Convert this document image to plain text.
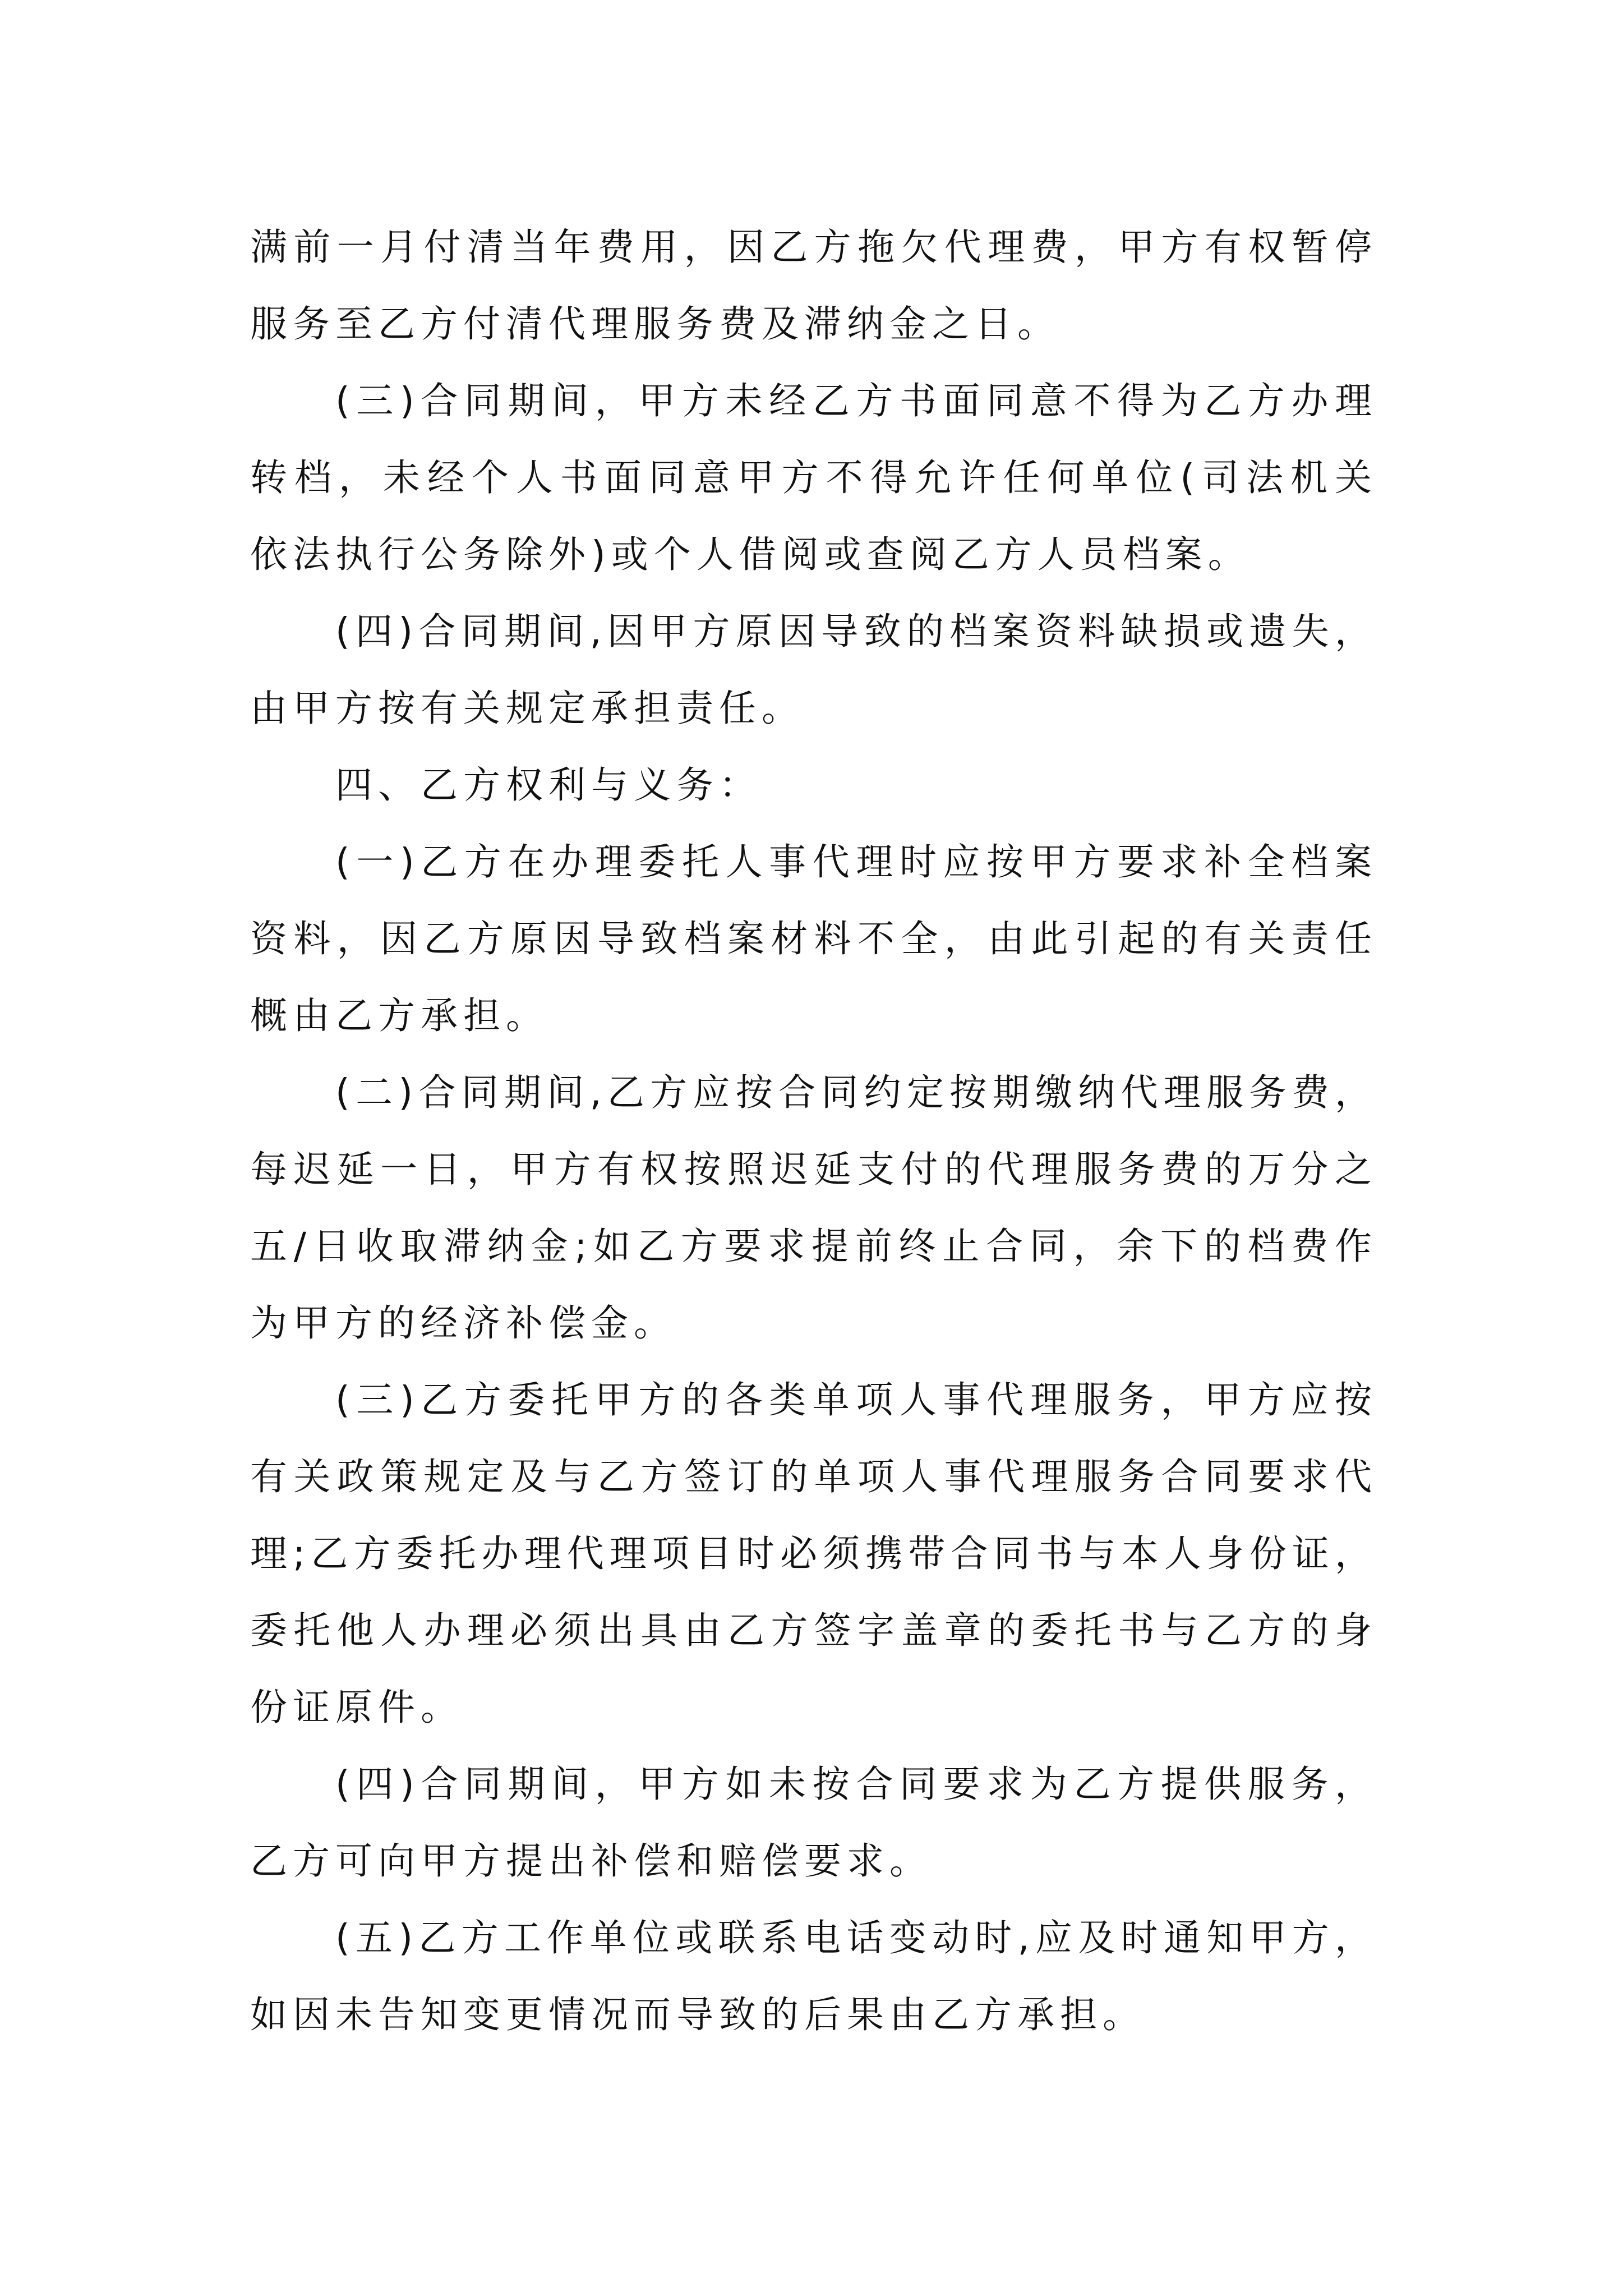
满前一月付清当年费用，因乙方拖欠代理费，甲方有权暂停服务至乙方付清代理服务费及滞纳金之日。

(三)合同期间，甲方未经乙方书面同意不得为乙方办理转档，未经个人书面同意甲方不得允许任何单位(司法机关依法执行公务除外)或个人借阅或查阅乙方人员档案。

(四)合同期间,因甲方原因导致的档案资料缺损或遗失，由甲方按有关规定承担责任。

四、乙方权利与义务：

(一)乙方在办理委托人事代理时应按甲方要求补全档案资料，因乙方原因导致档案材料不全，由此引起的有关责任概由乙方承担。

(二)合同期间,乙方应按合同约定按期缴纳代理服务费，每迟延一日，甲方有权按照迟延支付的代理服务费的万分之五/日收取滞纳金;如乙方要求提前终止合同，余下的档费作为甲方的经济补偿金。

(三)乙方委托甲方的各类单项人事代理服务，甲方应按有关政策规定及与乙方签订的单项人事代理服务合同要求代理;乙方委托办理代理项目时必须携带合同书与本人身份证，委托他人办理必须出具由乙方签字盖章的委托书与乙方的身份证原件。

(四)合同期间，甲方如未按合同要求为乙方提供服务，乙方可向甲方提出补偿和赔偿要求。

(五)乙方工作单位或联系电话变动时,应及时通知甲方，如因未告知变更情况而导致的后果由乙方承担。
